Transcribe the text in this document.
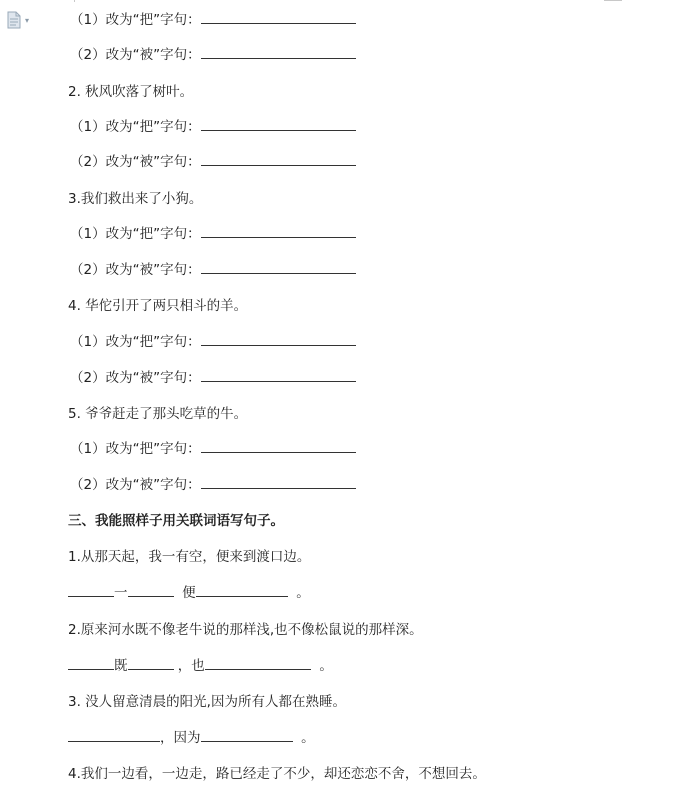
▾	（1）改为“把”字句：
（2）改为“被”字句：
2. 秋风吹落了树叶。
（1）改为“把”字句：
（2）改为“被”字句：
3.我们救出来了小狗。
（1）改为“把”字句：
（2）改为“被”字句：
4. 华佗引开了两只相斗的羊。
（1）改为“把”字句：
（2）改为“被”字句：
5. 爷爷赶走了那头吃草的牛。
（1）改为“把”字句：
（2）改为“被”字句：
三、我能照样子用关联词语写句子。
1.从那天起，我一有空，便来到渡口边。
一	便	。
2.原来河水既不像老牛说的那样浅,也不像松鼠说的那样深。
既	，也	。
3. 没人留意清晨的阳光,因为所有人都在熟睡。
，因为	。
4.我们一边看，一边走，路已经走了不少，却还恋恋不舍，不想回去。
